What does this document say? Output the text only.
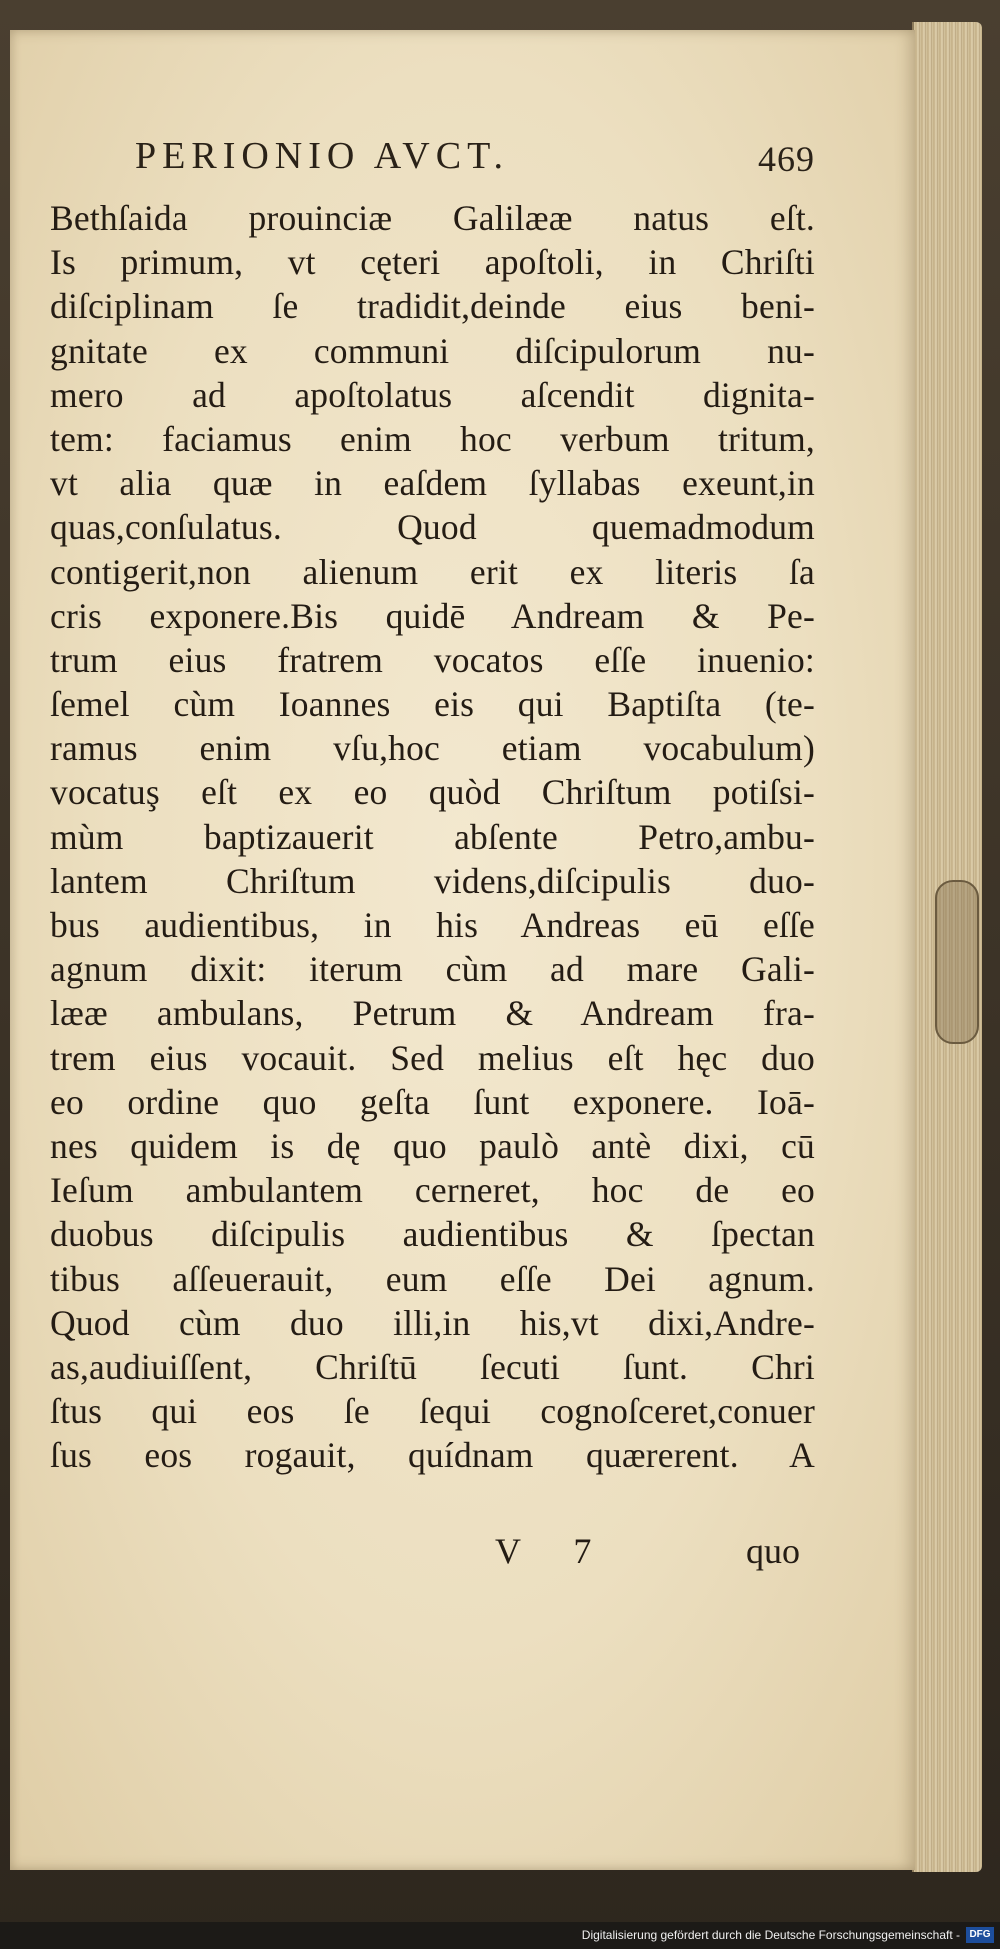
PERIONIO AVCT.	469
Bethſaida prouinciæ Galilææ natus eſt.
Is primum, vt cęteri apoſtoli, in Chriſti
diſciplinam ſe tradidit,deinde eius beni-
gnitate ex communi diſcipulorum nu-
mero ad apoſtolatus aſcendit dignita-
tem: faciamus enim hoc verbum tritum,
vt alia quæ in eaſdem ſyllabas exeunt,in
quas,conſulatus. Quod quemadmodum
contigerit,non alienum erit ex literis ſa
cris exponere.Bis quidē Andream & Pe-
trum eius fratrem vocatos eſſe inuenio:
ſemel cùm Ioannes eis qui Baptiſta (te-
ramus enim vſu,hoc etiam vocabulum)
vocatuş eſt ex eo quòd Chriſtum potiſsi-
mùm baptizauerit abſente Petro,ambu-
lantem Chriſtum videns,diſcipulis duo-
bus audientibus, in his Andreas eū eſſe
agnum dixit: iterum cùm ad mare Gali-
lææ ambulans, Petrum & Andream fra-
trem eius vocauit. Sed melius eſt hęc duo
eo ordine quo geſta ſunt exponere. Ioā-
nes quidem is dę quo paulò antè dixi, cū
Ieſum ambulantem cerneret, hoc de eo
duobus diſcipulis audientibus & ſpectan
tibus aſſeuerauit, eum eſſe Dei agnum.
Quod cùm duo illi,in his,vt dixi,Andre-
as,audiuiſſent, Chriſtū ſecuti ſunt. Chri
ſtus qui eos ſe ſequi cognoſceret,conuer
ſus eos rogauit, quídnam quærerent. A
V 7	quo
Digitalisierung gefördert durch die Deutsche Forschungsgemeinschaft - DFG
